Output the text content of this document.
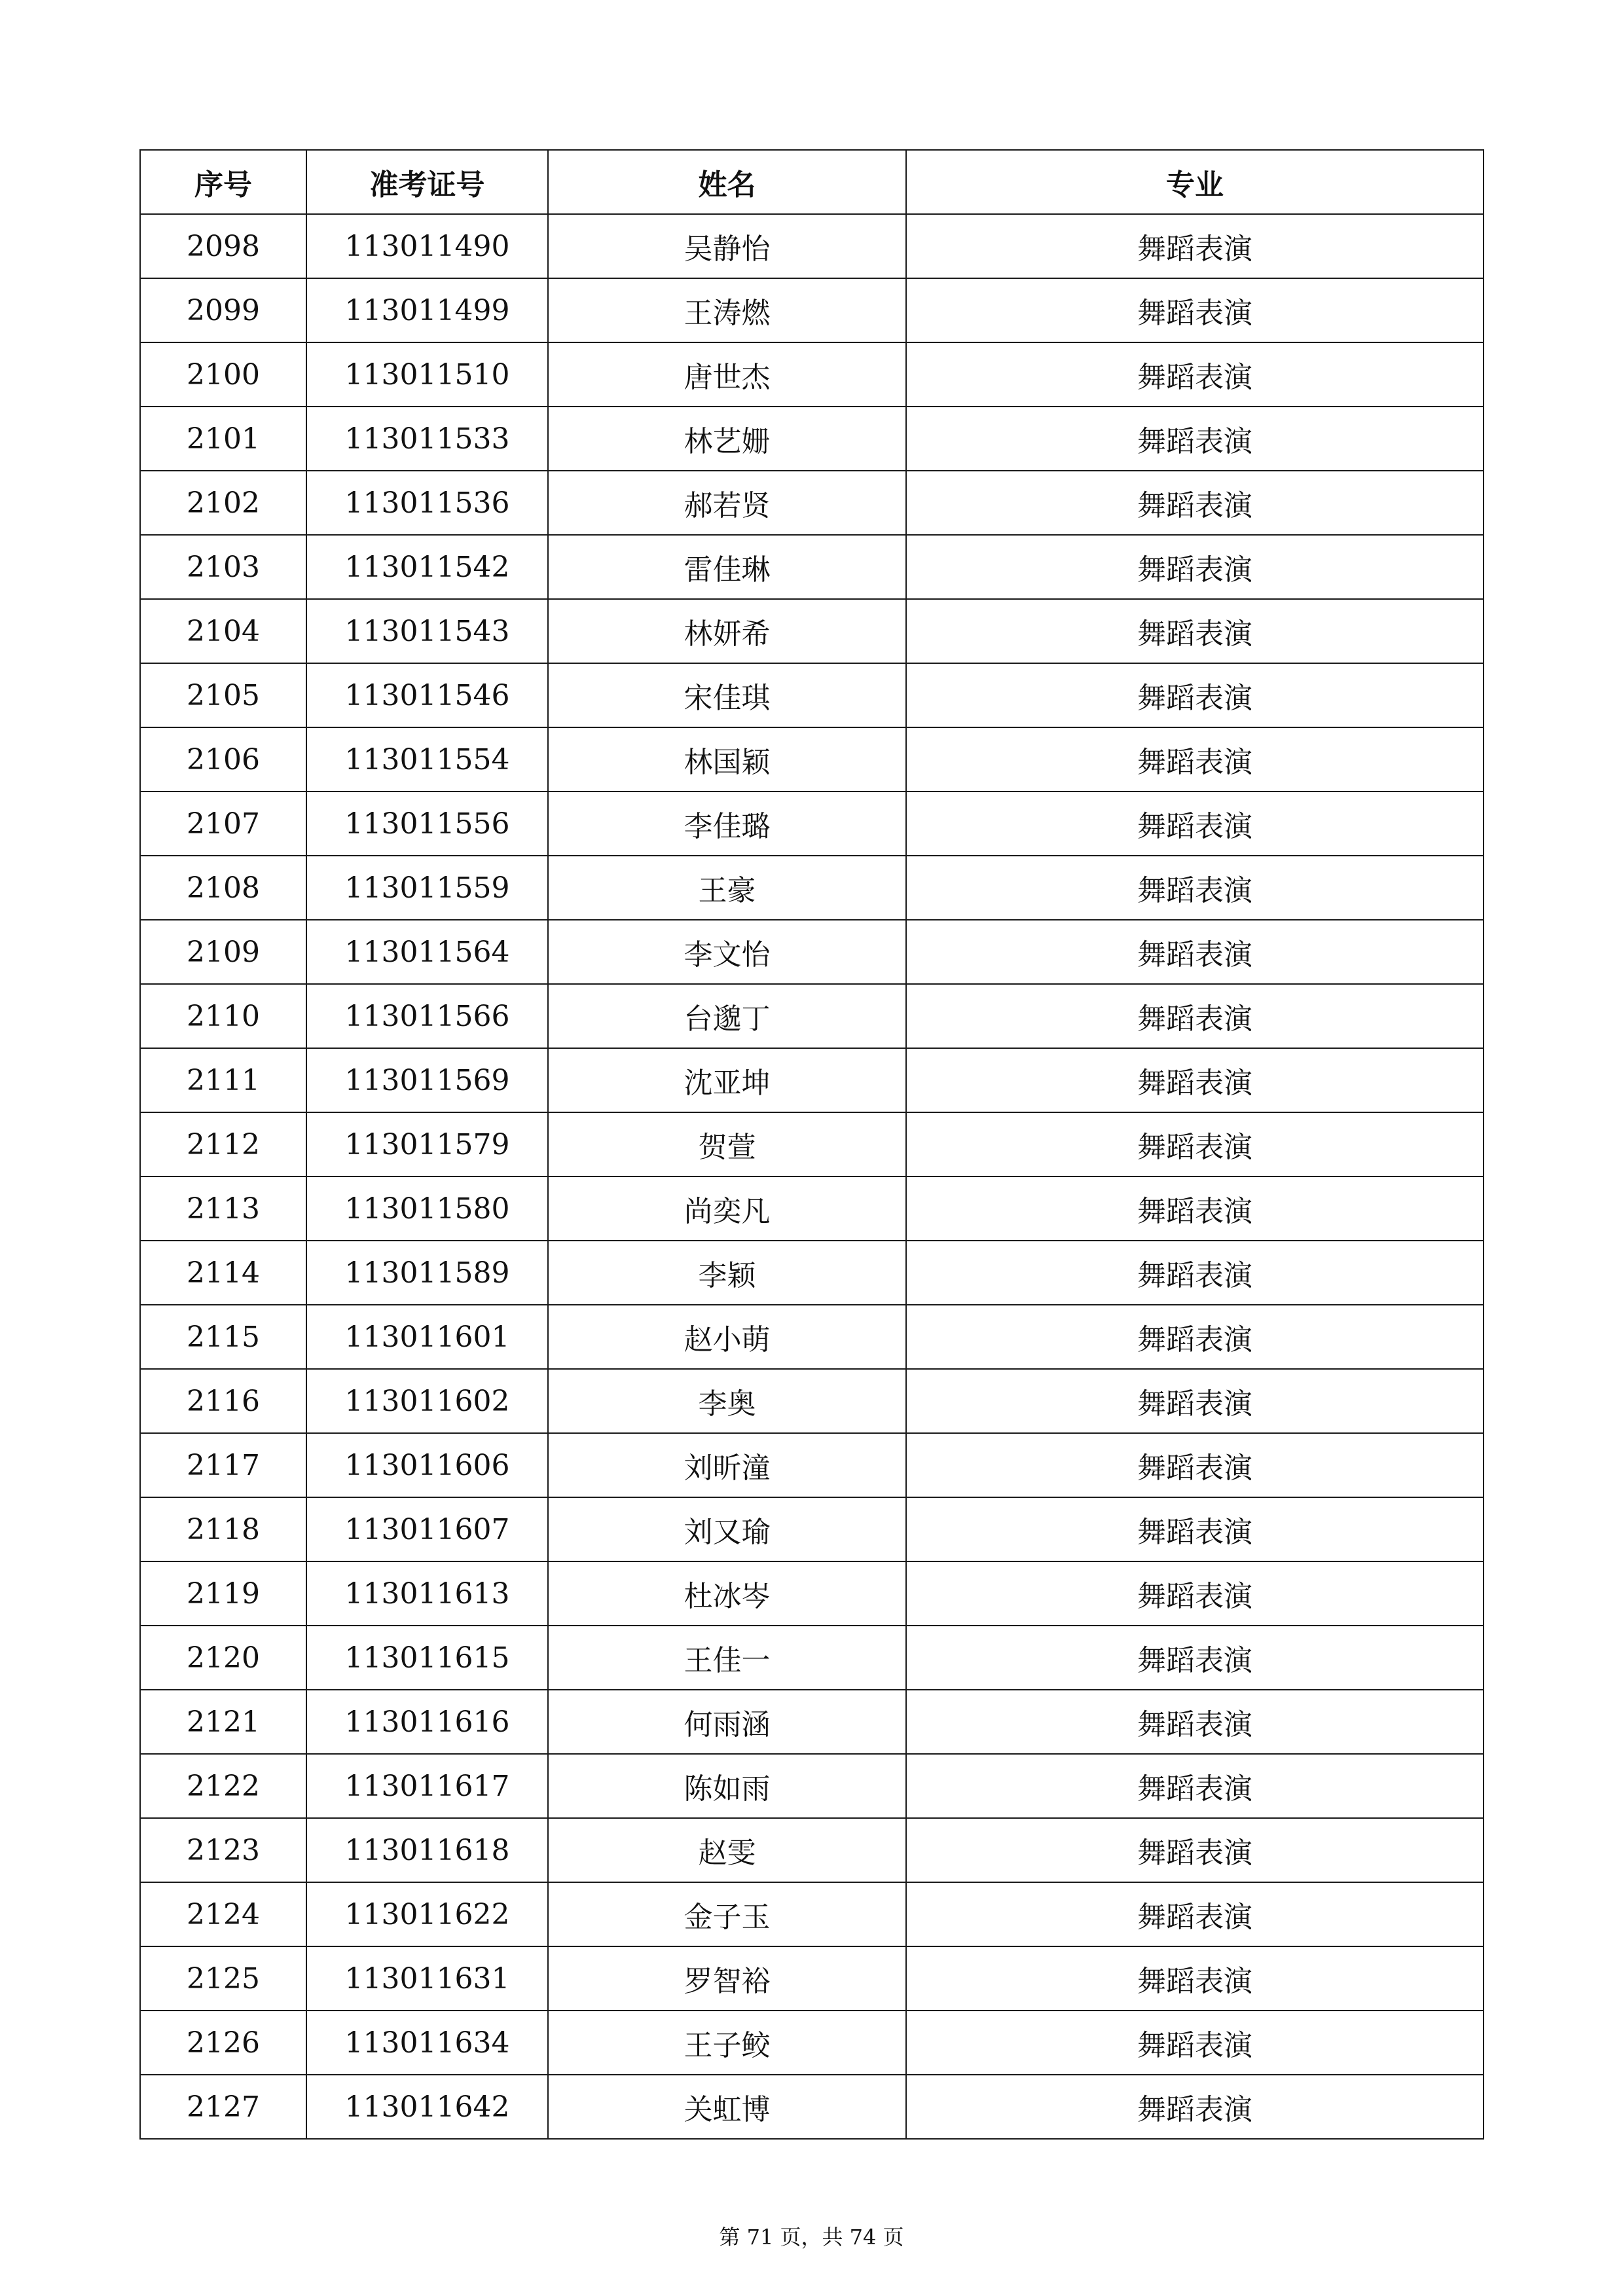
序号	准考证号	姓名	专业
2098	113011490	吴静怡	舞蹈表演
2099	113011499	王涛燃	舞蹈表演
2100	113011510	唐世杰	舞蹈表演
2101	113011533	林艺姗	舞蹈表演
2102	113011536	郝若贤	舞蹈表演
2103	113011542	雷佳琳	舞蹈表演
2104	113011543	林妍希	舞蹈表演
2105	113011546	宋佳琪	舞蹈表演
2106	113011554	林国颖	舞蹈表演
2107	113011556	李佳璐	舞蹈表演
2108	113011559	王豪	舞蹈表演
2109	113011564	李文怡	舞蹈表演
2110	113011566	台邈丁	舞蹈表演
2111	113011569	沈亚坤	舞蹈表演
2112	113011579	贺萱	舞蹈表演
2113	113011580	尚奕凡	舞蹈表演
2114	113011589	李颖	舞蹈表演
2115	113011601	赵小萌	舞蹈表演
2116	113011602	李奥	舞蹈表演
2117	113011606	刘昕潼	舞蹈表演
2118	113011607	刘又瑜	舞蹈表演
2119	113011613	杜冰岑	舞蹈表演
2120	113011615	王佳一	舞蹈表演
2121	113011616	何雨涵	舞蹈表演
2122	113011617	陈如雨	舞蹈表演
2123	113011618	赵雯	舞蹈表演
2124	113011622	金子玉	舞蹈表演
2125	113011631	罗智裕	舞蹈表演
2126	113011634	王子鲛	舞蹈表演
2127	113011642	关虹博	舞蹈表演
第 71 页，共 74 页
